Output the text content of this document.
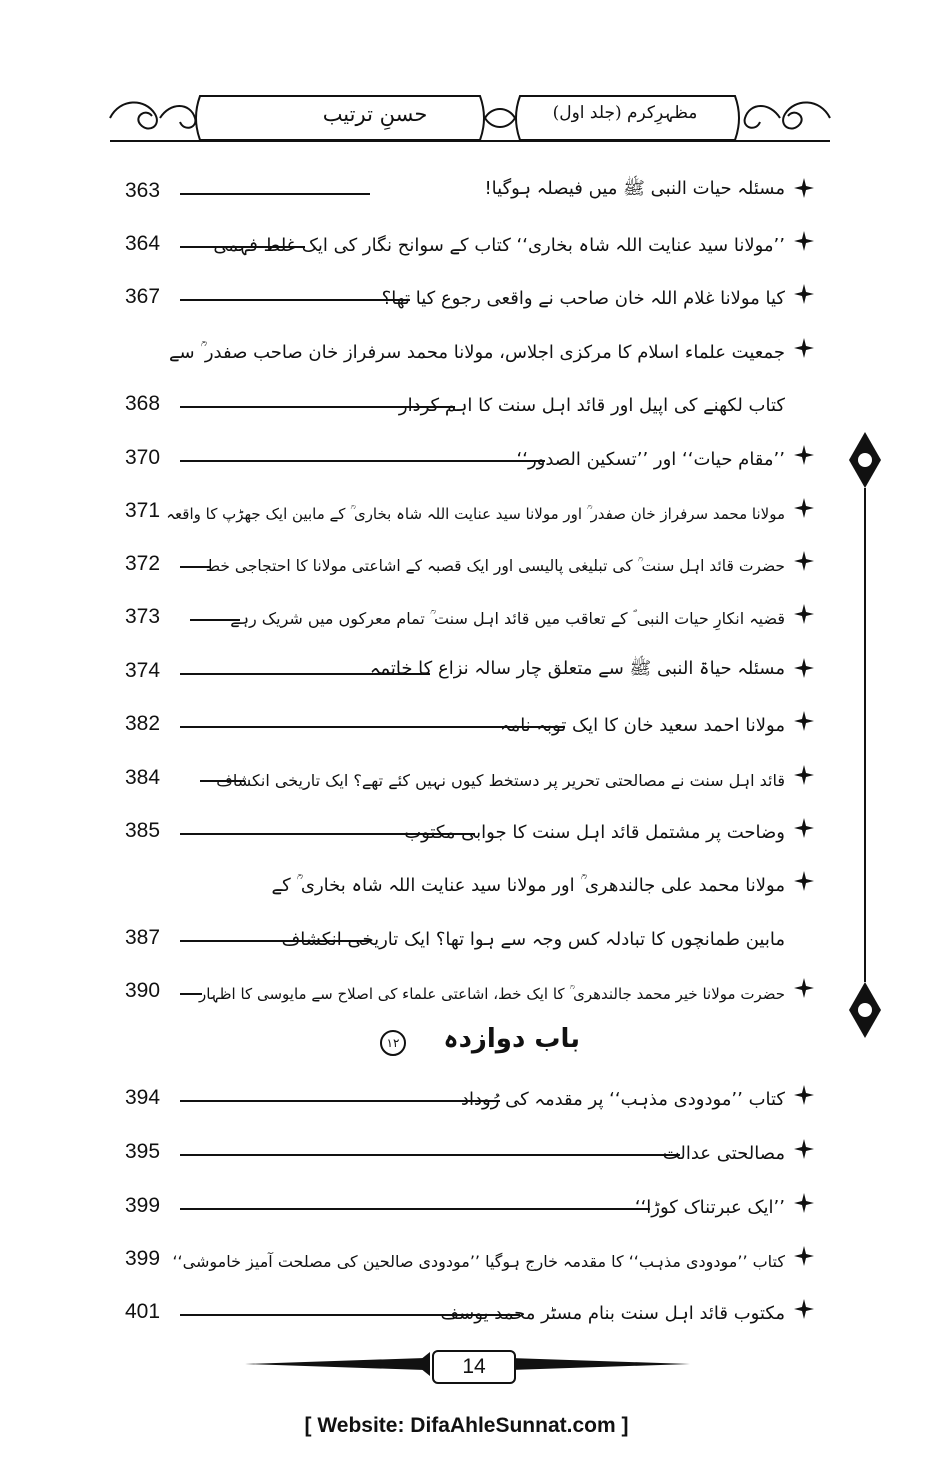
حسنِ ترتیب	مظہرِکرم (جلد اول)
363	مسئلہ حیات النبی ﷺ میں فیصلہ ہوگیا!
364	’’مولانا سید عنایت اللہ شاہ بخاری‘‘ کتاب کے سوانح نگار کی ایک غلط فہمی
367	کیا مولانا غلام اللہ خان صاحب نے واقعی رجوع کیا تھا؟
جمعیت علماء اسلام کا مرکزی اجلاس، مولانا محمد سرفراز خان صاحب صفدر ؒ سے
368	کتاب لکھنے کی اپیل اور قائد اہل سنت کا اہم کردار
370	’’مقام حیات‘‘ اور ’’تسکین الصدور‘‘
371 مولانا محمد سرفراز خان صفدر ؒ اور مولانا سید عنایت اللہ شاہ بخاری ؒ کے مابین ایک جھڑپ کا واقعہ
372	حضرت قائد اہل سنت ؒ کی تبلیغی پالیسی اور ایک قصبہ کے اشاعتی مولانا کا احتجاجی خط
373	قضیہ انکارِ حیات النبی ؐ کے تعاقب میں قائد اہل سنت ؒ تمام معرکوں میں شریک رہے
374	مسئلہ حیاۃ النبی ﷺ سے متعلق چار سالہ نزاع کا خاتمہ
382	مولانا احمد سعید خان کا ایک توبہ نامہ
384	قائد اہل سنت نے مصالحتی تحریر پر دستخط کیوں نہیں کئے تھے؟ ایک تاریخی انکشاف
385	وضاحت پر مشتمل قائد اہل سنت کا جوابی مکتوب
مولانا محمد علی جالندھری ؒ اور مولانا سید عنایت اللہ شاہ بخاری ؒ کے
387	مابین طمانچوں کا تبادلہ کس وجہ سے ہوا تھا؟ ایک تاریخی انکشاف
390	حضرت مولانا خیر محمد جالندھری ؒ کا ایک خط، اشاعتی علماء کی اصلاح سے مایوسی کا اظہار
۱۲ باب دوازدہ
394	کتاب ’’مودودی مذہب‘‘ پر مقدمہ کی رُوداد
395	مصالحتی عدالت
399	’’ایک عبرتناک کوڑا‘‘
399 کتاب ’’مودودی مذہب‘‘ کا مقدمہ خارج ہوگیا ’’مودودی صالحین کی مصلحت آمیز خاموشی‘‘
401	مکتوب قائد اہل سنت بنام مسٹر محمد یوسف
14
[ Website: DifaAhleSunnat.com ]
